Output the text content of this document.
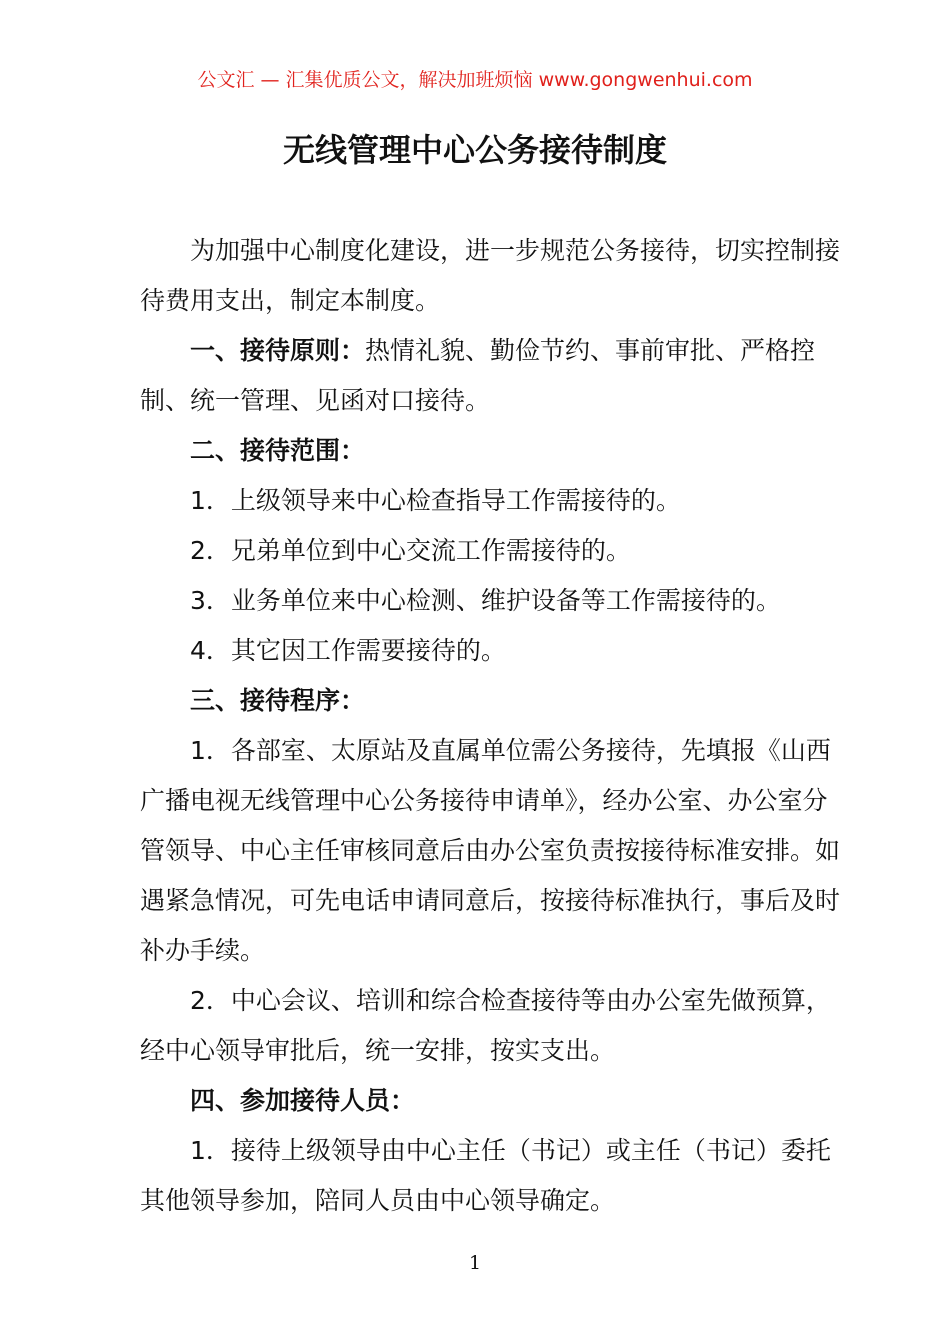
公文汇 — 汇集优质公文，解决加班烦恼 www.gongwenhui.com
无线管理中心公务接待制度

为加强中心制度化建设，进一步规范公务接待，切实控制接待费用支出，制定本制度。

一、接待原则：热情礼貌、勤俭节约、事前审批、严格控制、统一管理、见函对口接待。

二、接待范围：

1．上级领导来中心检查指导工作需接待的。

2．兄弟单位到中心交流工作需接待的。

3．业务单位来中心检测、维护设备等工作需接待的。

4．其它因工作需要接待的。

三、接待程序：

1．各部室、太原站及直属单位需公务接待，先填报《山西广播电视无线管理中心公务接待申请单》，经办公室、办公室分管领导、中心主任审核同意后由办公室负责按接待标准安排。如遇紧急情况，可先电话申请同意后，按接待标准执行，事后及时补办手续。

2．中心会议、培训和综合检查接待等由办公室先做预算，经中心领导审批后，统一安排，按实支出。

四、参加接待人员：

1．接待上级领导由中心主任（书记）或主任（书记）委托其他领导参加，陪同人员由中心领导确定。

1
